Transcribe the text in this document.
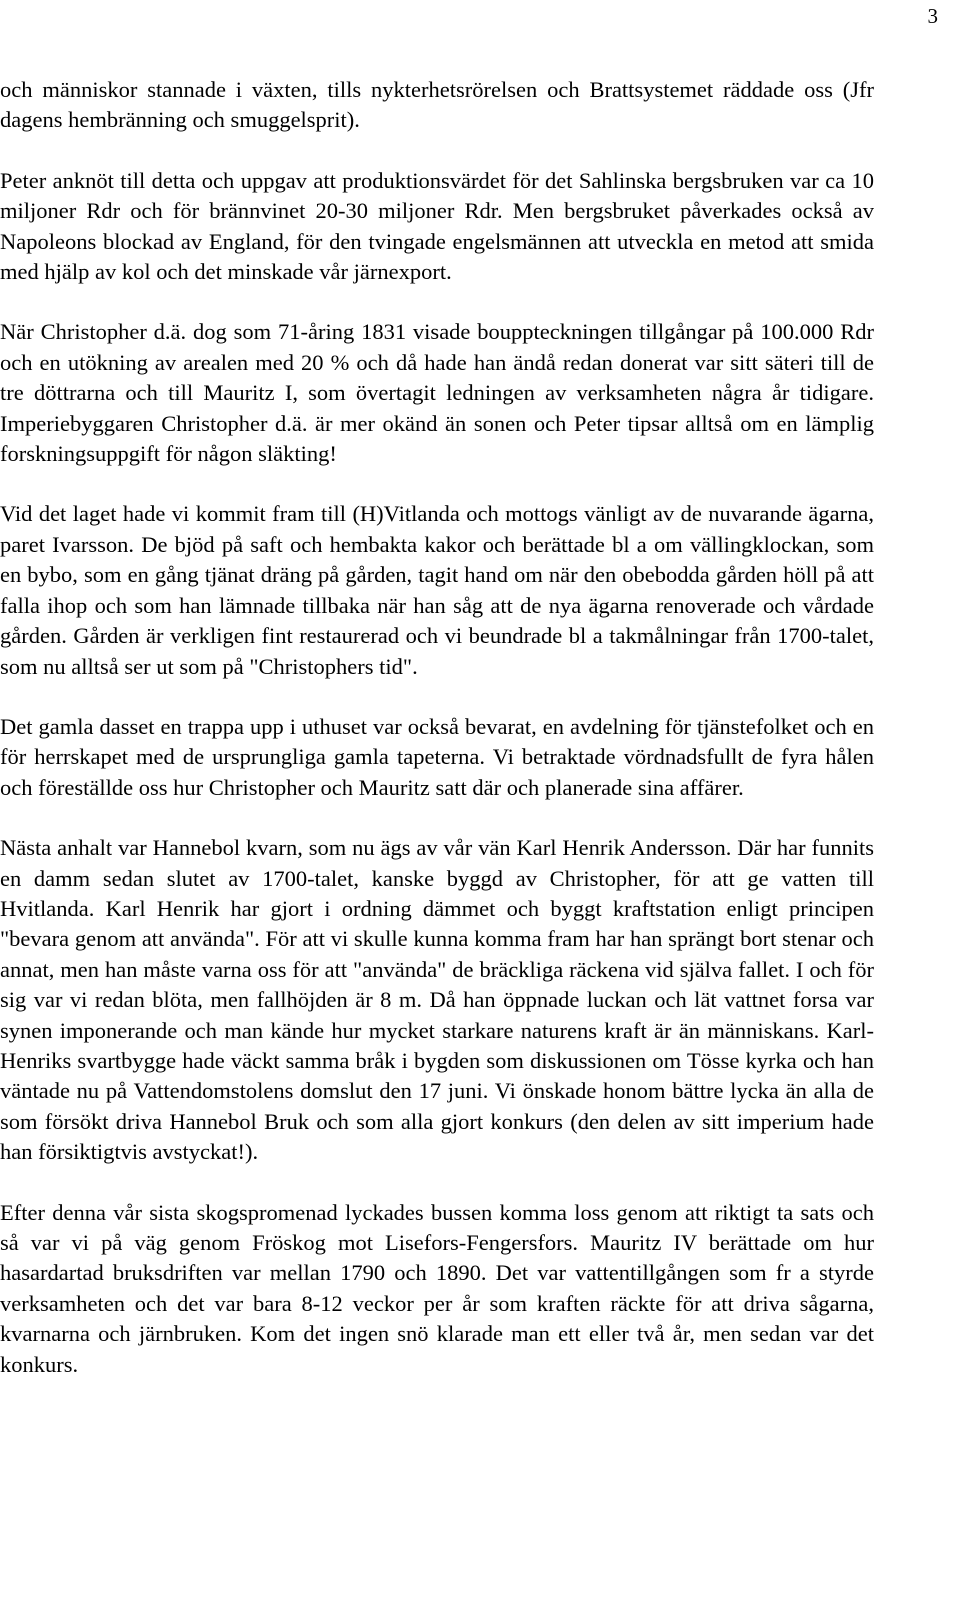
3

och människor stannade i växten, tills nykterhetsrörelsen och Brattsystemet räddade oss (Jfr dagens hembränning och smuggelsprit).

Peter anknöt till detta och uppgav att produktionsvärdet för det Sahlinska bergsbruken var ca 10 miljoner Rdr och för brännvinet 20-30 miljoner Rdr. Men bergsbruket påverkades också av Napoleons blockad av England, för den tvingade engelsmännen att utveckla en metod att smida med hjälp av kol och det minskade vår järnexport.

När Christopher d.ä. dog som 71-åring 1831 visade bouppteckningen tillgångar på 100.000 Rdr och en utökning av arealen med 20 % och då hade han ändå redan donerat var sitt säteri till de tre döttrarna och till Mauritz I, som övertagit ledningen av verksamheten några år tidigare. Imperiebyggaren Christopher d.ä. är mer okänd än sonen och Peter tipsar alltså om en lämplig forskningsuppgift för någon släkting!

Vid det laget hade vi kommit fram till (H)Vitlanda och mottogs vänligt av de nuvarande ägarna, paret Ivarsson. De bjöd på saft och hembakta kakor och berättade bl a om vällingklockan, som en bybo, som en gång tjänat dräng på gården, tagit hand om när den obebodda gården höll på att falla ihop och som han lämnade tillbaka när han såg att de nya ägarna renoverade och vårdade gården. Gården är verkligen fint restaurerad och vi beundrade bl a takmålningar från 1700-talet, som nu alltså ser ut som på "Christophers tid".

Det gamla dasset en trappa upp i uthuset var också bevarat, en avdelning för tjänstefolket och en för herrskapet med de ursprungliga gamla tapeterna. Vi betraktade vördnadsfullt de fyra hålen och föreställde oss hur Christopher och Mauritz satt där och planerade sina affärer.

Nästa anhalt var Hannebol kvarn, som nu ägs av vår vän Karl Henrik Andersson. Där har funnits en damm sedan slutet av 1700-talet, kanske byggd av Christopher, för att ge vatten till Hvitlanda. Karl Henrik har gjort i ordning dämmet och byggt kraftstation enligt principen "bevara genom att använda". För att vi skulle kunna komma fram har han sprängt bort stenar och annat, men han måste varna oss för att "använda" de bräckliga räckena vid själva fallet. I och för sig var vi redan blöta, men fallhöjden är 8 m. Då han öppnade luckan och lät vattnet forsa var synen imponerande och man kände hur mycket starkare naturens kraft är än människans. Karl-Henriks svartbygge hade väckt samma bråk i bygden som diskussionen om Tösse kyrka och han väntade nu på Vattendomstolens domslut den 17 juni. Vi önskade honom bättre lycka än alla de som försökt driva Hannebol Bruk och som alla gjort konkurs (den delen av sitt imperium hade han försiktigtvis avstyckat!).

Efter denna vår sista skogspromenad lyckades bussen komma loss genom att riktigt ta sats och så var vi på väg genom Fröskog mot Lisefors-Fengersfors. Mauritz IV berättade om hur hasardartad bruksdriften var mellan 1790 och 1890. Det var vattentillgången som fr a styrde verksamheten och det var bara 8-12 veckor per år som kraften räckte för att driva sågarna, kvarnarna och järnbruken. Kom det ingen snö klarade man ett eller två år, men sedan var det konkurs.
